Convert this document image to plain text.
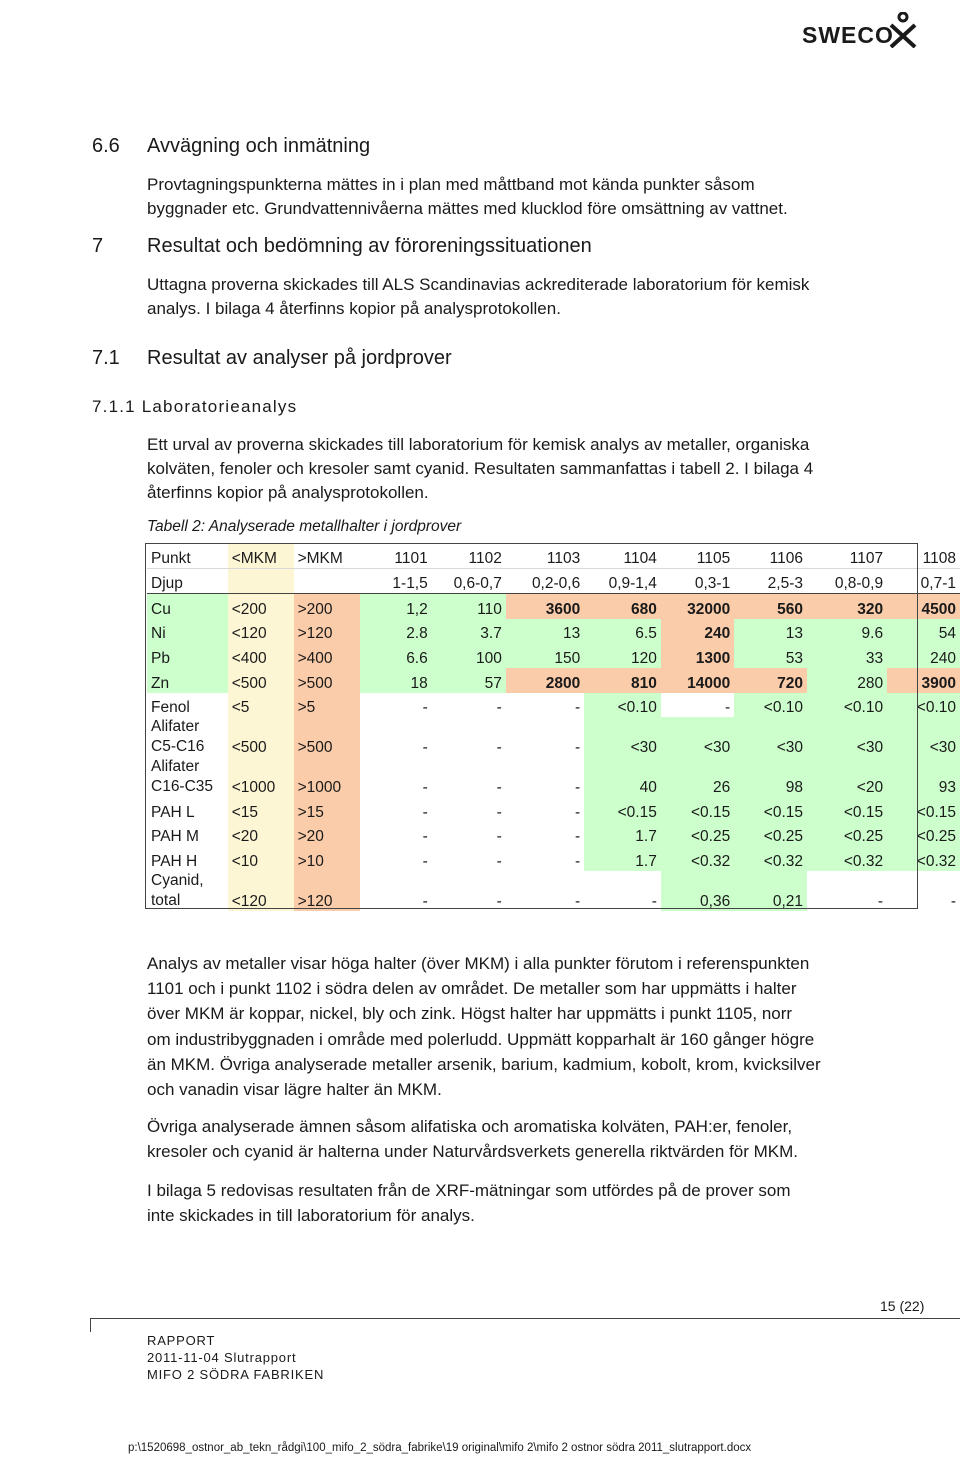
SWECO
6.6 Avvägning och inmätning
Provtagningspunkterna mättes in i plan med måttband mot kända punkter såsom
byggnader etc. Grundvattennivåerna mättes med klucklod före omsättning av vattnet.
7 Resultat och bedömning av föroreningssituationen
Uttagna proverna skickades till ALS Scandinavias ackrediterade laboratorium för kemisk
analys. I bilaga 4 återfinns kopior på analysprotokollen.
7.1 Resultat av analyser på jordprover
7.1.1 Laboratorieanalys
Ett urval av proverna skickades till laboratorium för kemisk analys av metaller, organiska
kolväten, fenoler och kresoler samt cyanid. Resultaten sammanfattas i tabell 2. I bilaga 4
återfinns kopior på analysprotokollen.
Tabell 2: Analyserade metallhalter i jordprover
Punkt	<MKM	>MKM	1101	1102	1103	1104	1105	1106	1107	1108
Djup			1-1,5	0,6-0,7	0,2-0,6	0,9-1,4	0,3-1	2,5-3	0,8-0,9	0,7-1
Cu	<200	>200	1,2	110	3600	680	32000	560	320	4500
Ni	<120	>120	2.8	3.7	13	6.5	240	13	9.6	54
Pb	<400	>400	6.6	100	150	120	1300	53	33	240
Zn	<500	>500	18	57	2800	810	14000	720	280	3900
Fenol	<5	>5	-	-	-	<0.10	-	<0.10	<0.10	<0.10
Alifater C5-C16	<500	>500	-	-	-	<30	<30	<30	<30	<30
Alifater C16-C35	<1000	>1000	-	-	-	40	26	98	<20	93
PAH L	<15	>15	-	-	-	<0.15	<0.15	<0.15	<0.15	<0.15
PAH M	<20	>20	-	-	-	1.7	<0.25	<0.25	<0.25	<0.25
PAH H	<10	>10	-	-	-	1.7	<0.32	<0.32	<0.32	<0.32
Cyanid, total	<120	>120	-	-	-	-	0,36	0,21	-	-
Analys av metaller visar höga halter (över MKM) i alla punkter förutom i referenspunkten
1101 och i punkt 1102 i södra delen av området. De metaller som har uppmätts i halter
över MKM är koppar, nickel, bly och zink. Högst halter har uppmätts i punkt 1105, norr
om industribyggnaden i område med polerludd. Uppmätt kopparhalt är 160 gånger högre
än MKM. Övriga analyserade metaller arsenik, barium, kadmium, kobolt, krom, kvicksilver
och vanadin visar lägre halter än MKM.
Övriga analyserade ämnen såsom alifatiska och aromatiska kolväten, PAH:er, fenoler,
kresoler och cyanid är halterna under Naturvårdsverkets generella riktvärden för MKM.
I bilaga 5 redovisas resultaten från de XRF-mätningar som utfördes på de prover som
inte skickades in till laboratorium för analys.
15 (22)
RAPPORT
2011-11-04 Slutrapport
MIFO 2 SÖDRA FABRIKEN
p:\1520698_ostnor_ab_tekn_rådgi\100_mifo_2_södra_fabrike\19 original\mifo 2\mifo 2 ostnor södra 2011_slutrapport.docx
